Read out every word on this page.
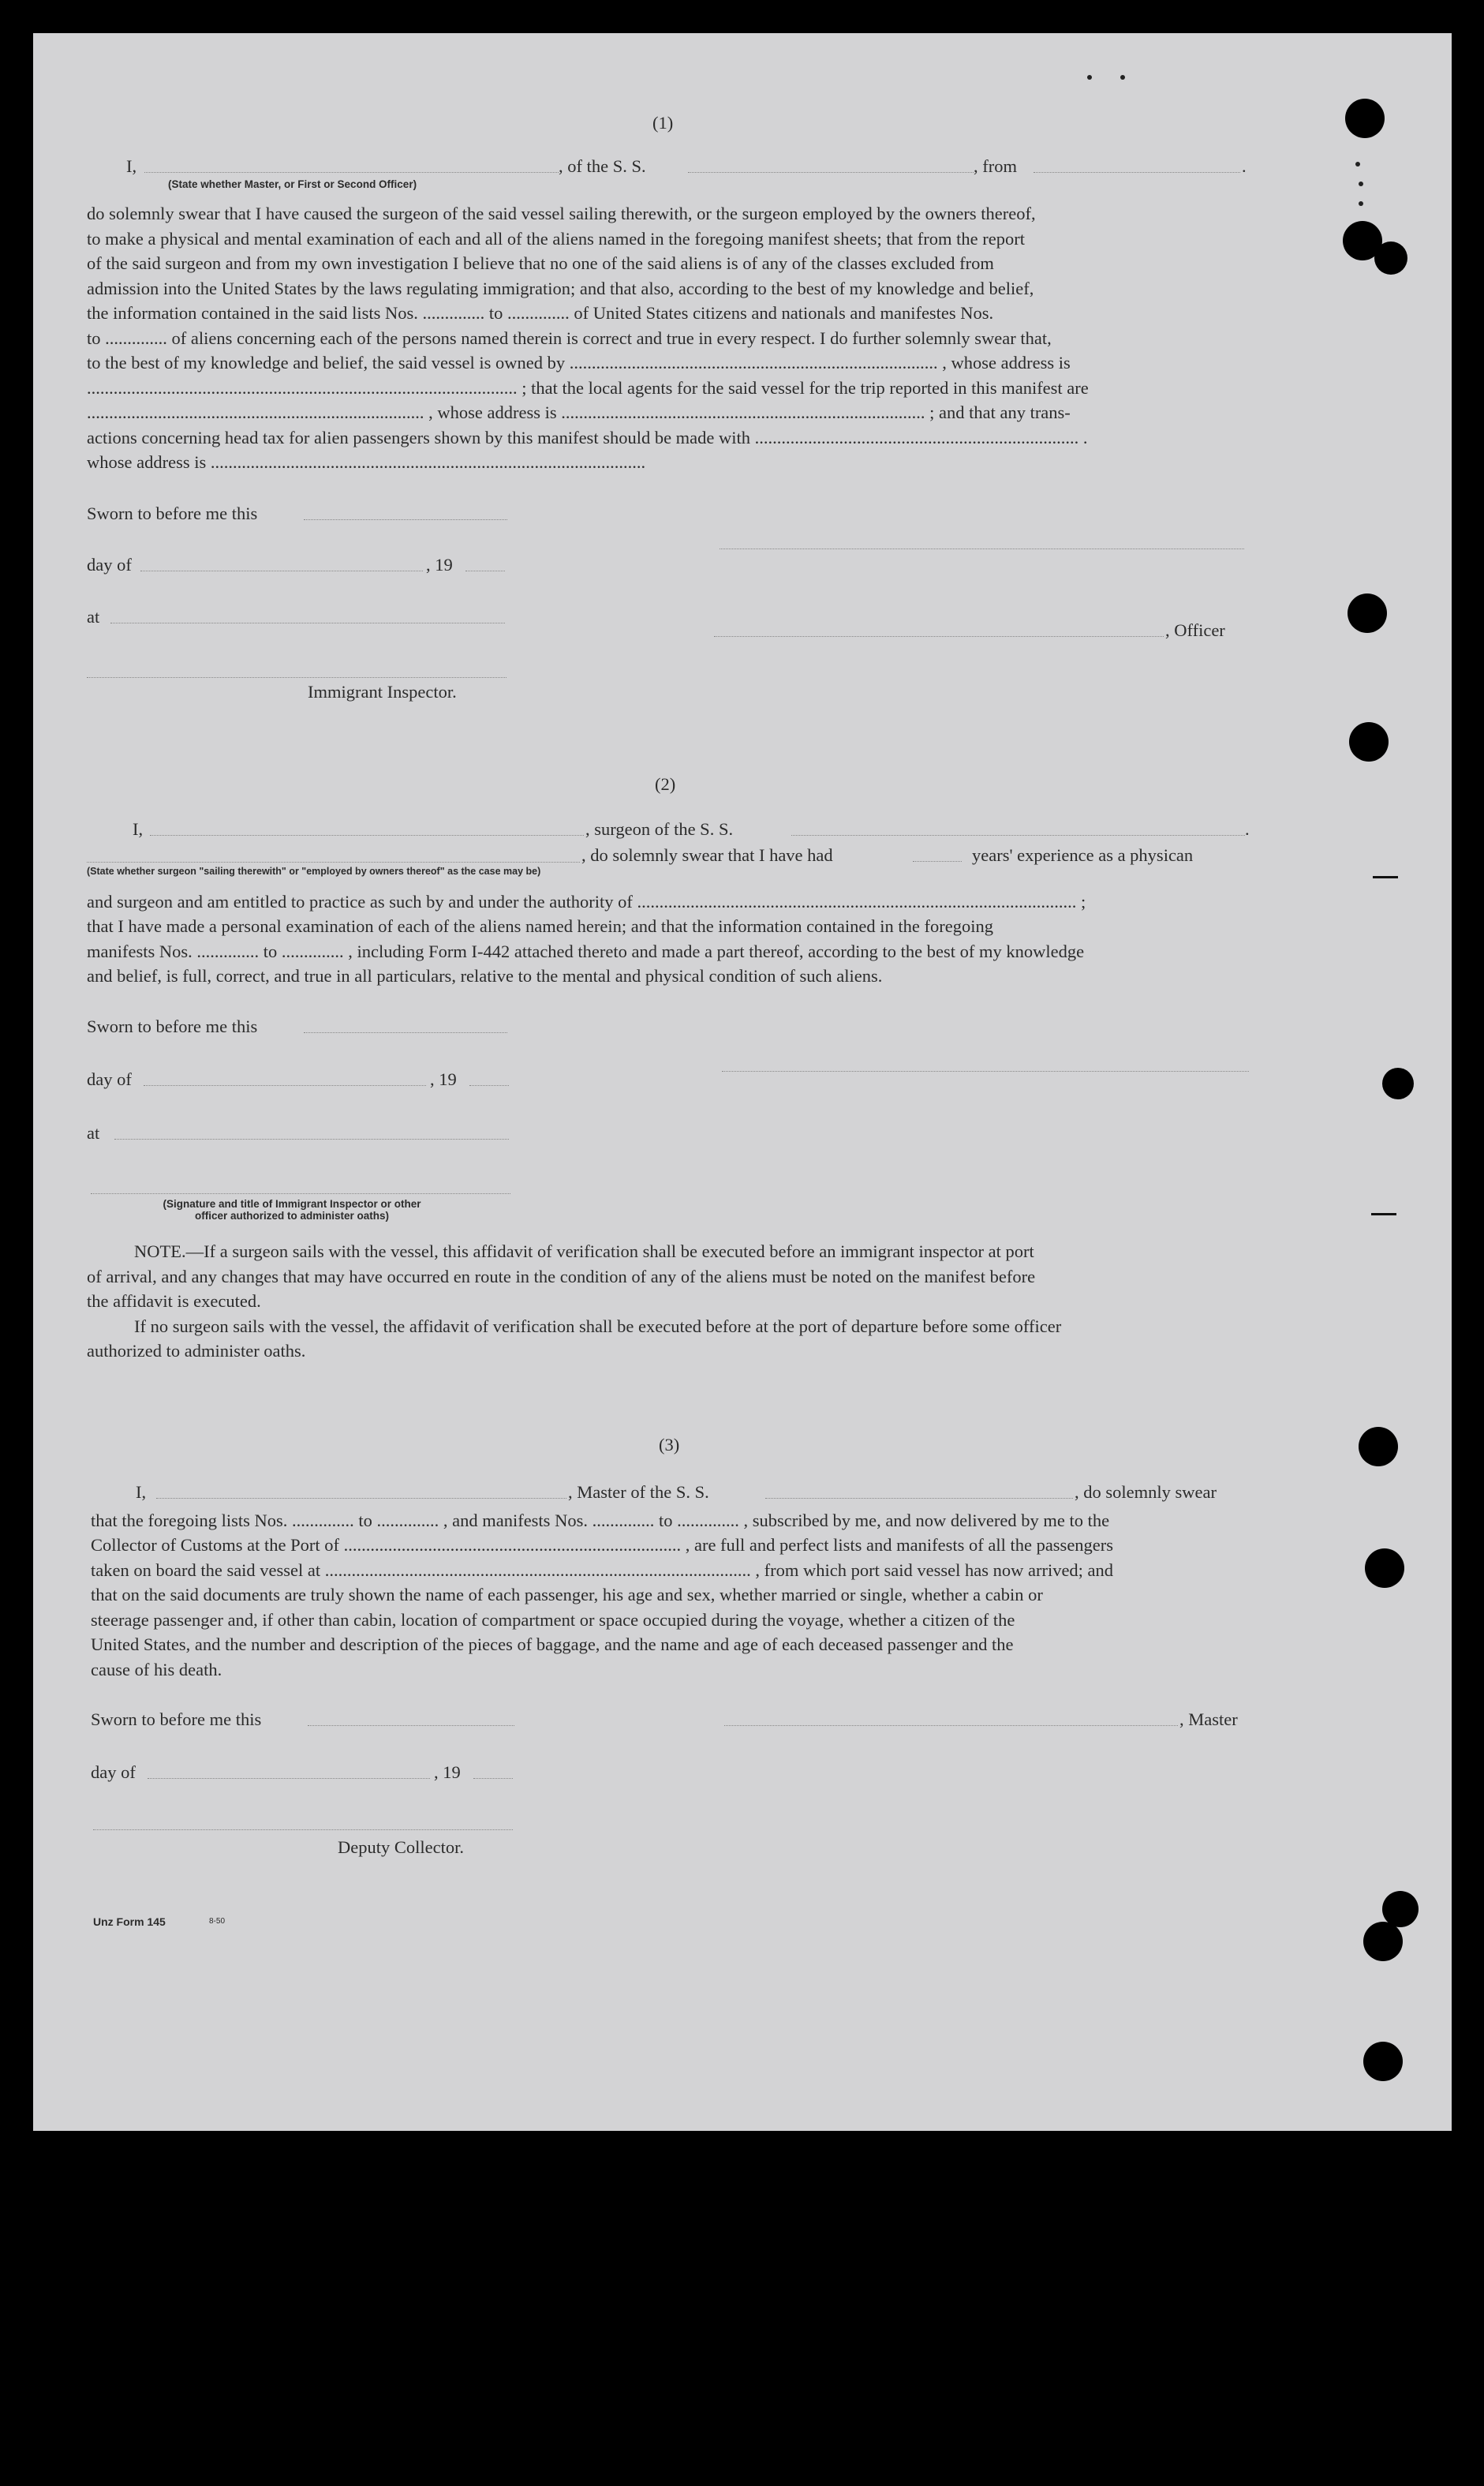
(1)
I,	, of the S. S.	, from	.
(State whether Master, or First or Second Officer)
do solemnly swear that I have caused the surgeon of the said vessel sailing therewith, or the surgeon employed by the owners thereof,
to make a physical and mental examination of each and all of the aliens named in the foregoing manifest sheets; that from the report
of the said surgeon and from my own investigation I believe that no one of the said aliens is of any of the classes excluded from
admission into the United States by the laws regulating immigration; and that also, according to the best of my knowledge and belief,
the information contained in the said lists Nos. .............. to .............. of United States citizens and nationals and manifestes Nos.
to .............. of aliens concerning each of the persons named therein is correct and true in every respect. I do further solemnly swear that,
to the best of my knowledge and belief, the said vessel is owned by ................................................................................... , whose address is
................................................................................................. ; that the local agents for the said vessel for the trip reported in this manifest are
............................................................................ , whose address is .................................................................................. ; and that any trans-
actions concerning head tax for alien passengers shown by this manifest should be made with ......................................................................... .
whose address is ..................................................................................................
Sworn to before me this
day of	, 19
at
, Officer
Immigrant Inspector.
(2)
I,	, surgeon of the S. S.	.
, do solemnly swear that I have had	years' experience as a physican
(State whether surgeon "sailing therewith" or "employed by owners thereof" as the case may be)
and surgeon and am entitled to practice as such by and under the authority of ................................................................................................... ;
that I have made a personal examination of each of the aliens named herein; and that the information contained in the foregoing
manifests Nos. .............. to .............. , including Form I-442 attached thereto and made a part thereof, according to the best of my knowledge
and belief, is full, correct, and true in all particulars, relative to the mental and physical condition of such aliens.
Sworn to before me this
day of	, 19
at
(Signature and title of Immigrant Inspector or other
officer authorized to administer oaths)
NOTE.—If a surgeon sails with the vessel, this affidavit of verification shall be executed before an immigrant inspector at port
of arrival, and any changes that may have occurred en route in the condition of any of the aliens must be noted on the manifest before
the affidavit is executed.
If no surgeon sails with the vessel, the affidavit of verification shall be executed before at the port of departure before some officer
authorized to administer oaths.
(3)
I,	, Master of the S. S.	, do solemnly swear
that the foregoing lists Nos. .............. to .............. , and manifests Nos. .............. to .............. , subscribed by me, and now delivered by me to the
Collector of Customs at the Port of ............................................................................ , are full and perfect lists and manifests of all the passengers
taken on board the said vessel at ................................................................................................ , from which port said vessel has now arrived; and
that on the said documents are truly shown the name of each passenger, his age and sex, whether married or single, whether a cabin or
steerage passenger and, if other than cabin, location of compartment or space occupied during the voyage, whether a citizen of the
United States, and the number and description of the pieces of baggage, and the name and age of each deceased passenger and the
cause of his death.
Sworn to before me this	, Master
day of	, 19
Deputy Collector.
Unz Form 145	8-50
